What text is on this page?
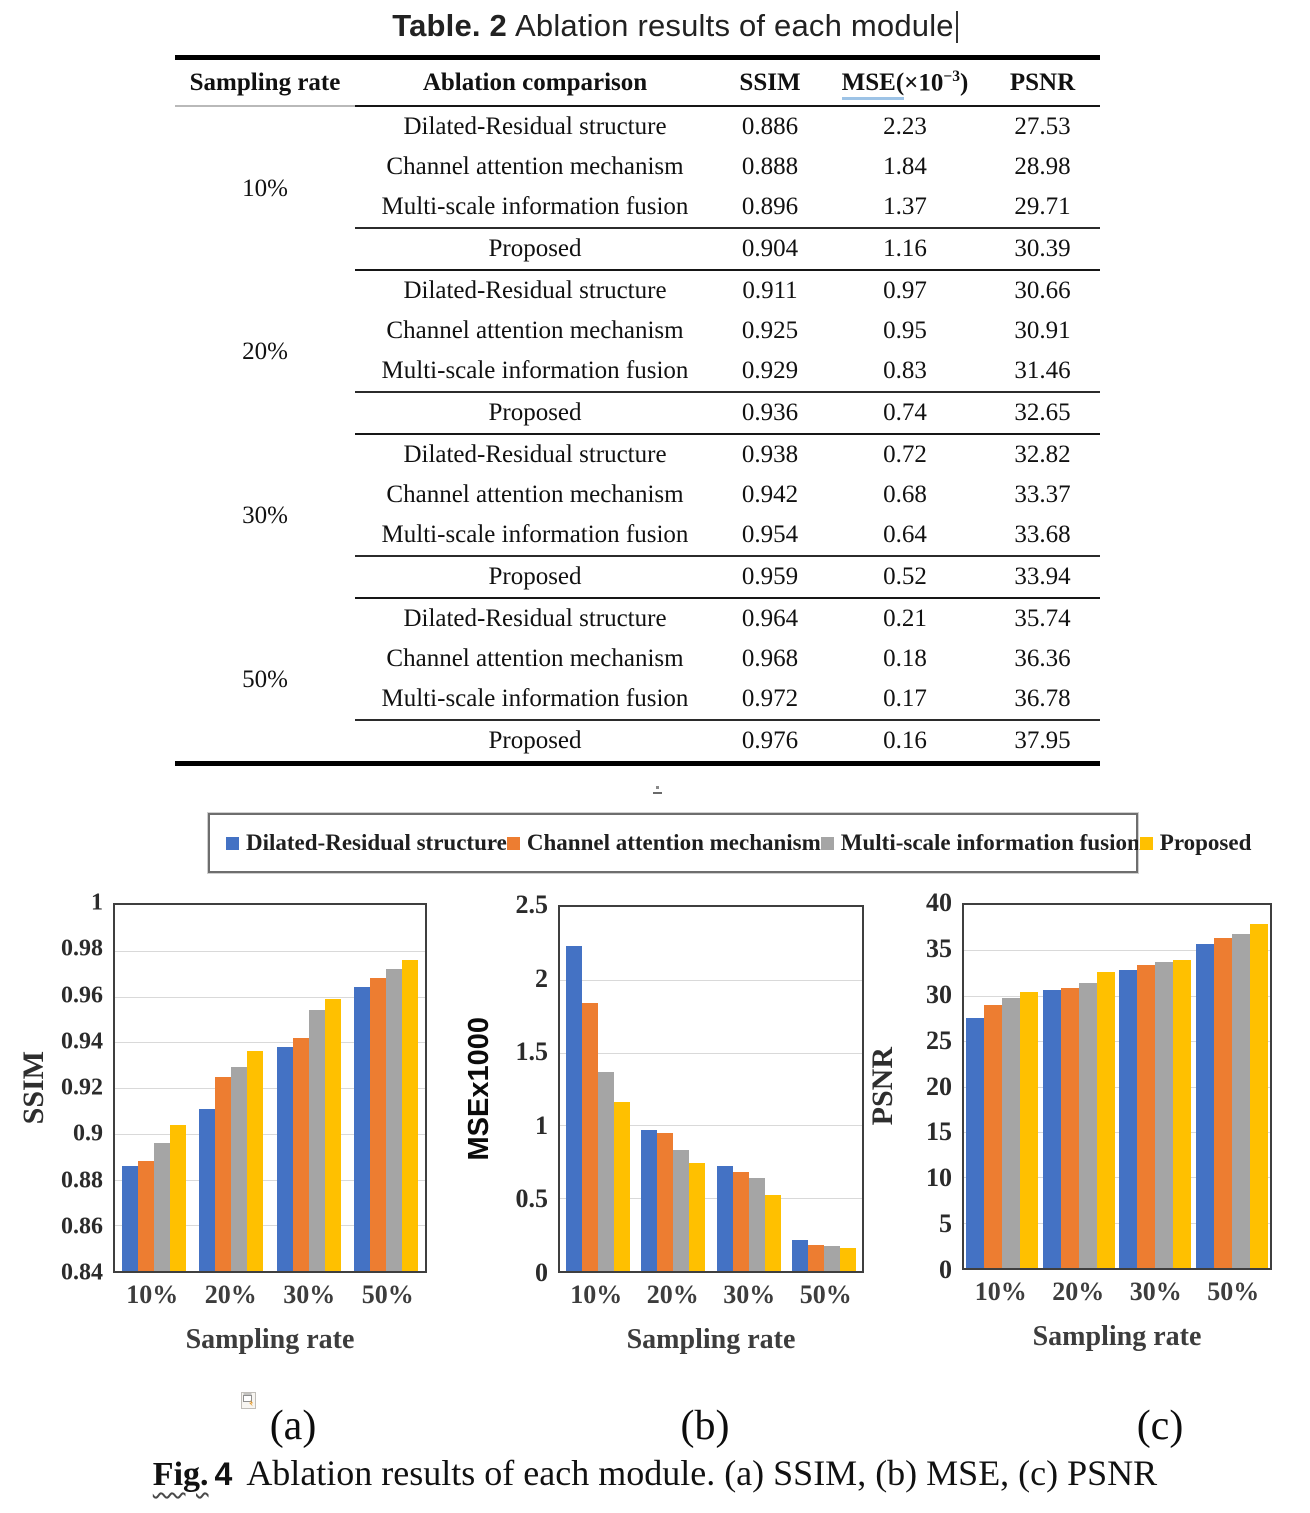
Table. 2 Ablation results of each module
Sampling rate	Ablation comparison	SSIM	$MSE(\times 10^{-3})$	PSNR
10%	Dilated-Residual structure	0.886	2.23	27.53
	Channel attention mechanism	0.888	1.84	28.98
	Multi-scale information fusion	0.896	1.37	29.71
	Proposed	0.904	1.16	30.39
20%	Dilated-Residual structure	0.911	0.97	30.66
	Channel attention mechanism	0.925	0.95	30.91
	Multi-scale information fusion	0.929	0.83	31.46
	Proposed	0.936	0.74	32.65
30%	Dilated-Residual structure	0.938	0.72	32.82
	Channel attention mechanism	0.942	0.68	33.37
	Multi-scale information fusion	0.954	0.64	33.68
	Proposed	0.959	0.52	33.94
50%	Dilated-Residual structure	0.964	0.21	35.74
	Channel attention mechanism	0.968	0.18	36.36
	Multi-scale information fusion	0.972	0.17	36.78
	Proposed	0.976	0.16	37.95
Dilated-Residual structure Channel attention mechanism Multi-scale information fusion Proposed
SSIM
0.84
0.86
0.88
0.9
0.92
0.94
0.96
0.98
1
10% 20% 30% 50%
Sampling rate
MSEx1000
0
0.5
1
1.5
2
2.5
10% 20% 30% 50%
Sampling rate
PSNR
0
5
10
15
20
25
30
35
40
10% 20% 30% 50%
Sampling rate
(a)	(b)	(c)
Fig. 4 Ablation results of each module. (a) SSIM, (b) MSE, (c) PSNR
